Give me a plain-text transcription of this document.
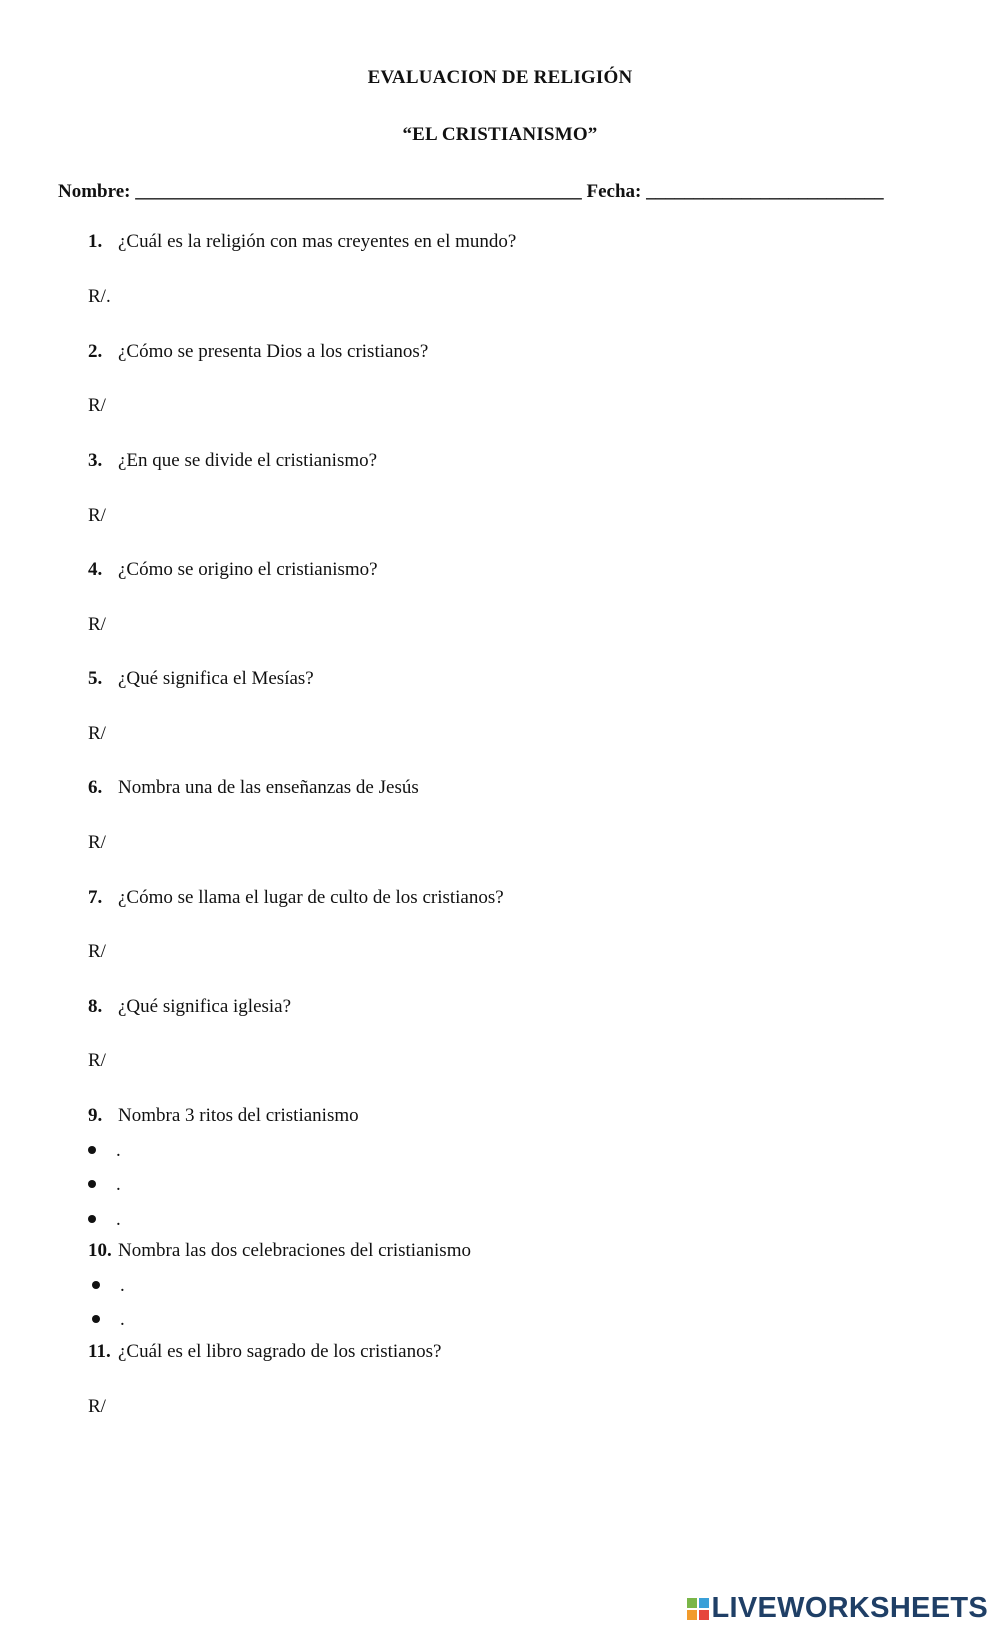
EVALUACION DE RELIGIÓN
“EL CRISTIANISMO”
Nombre: _______________________________________________ Fecha: _________________________
1. ¿Cuál es la religión con mas creyentes en el mundo?
R/.
2. ¿Cómo se presenta Dios a los cristianos?
R/
3. ¿En que se divide el cristianismo?
R/
4. ¿Cómo se origino el cristianismo?
R/
5. ¿Qué significa el Mesías?
R/
6. Nombra una de las enseñanzas de Jesús
R/
7. ¿Cómo se llama el lugar de culto de los cristianos?
R/
8. ¿Qué significa iglesia?
R/
9. Nombra 3 ritos del cristianismo
.
.
.
10. Nombra las dos celebraciones del cristianismo
.
.
11. ¿Cuál es el libro sagrado de los cristianos?
R/
LIVEWORKSHEETS
